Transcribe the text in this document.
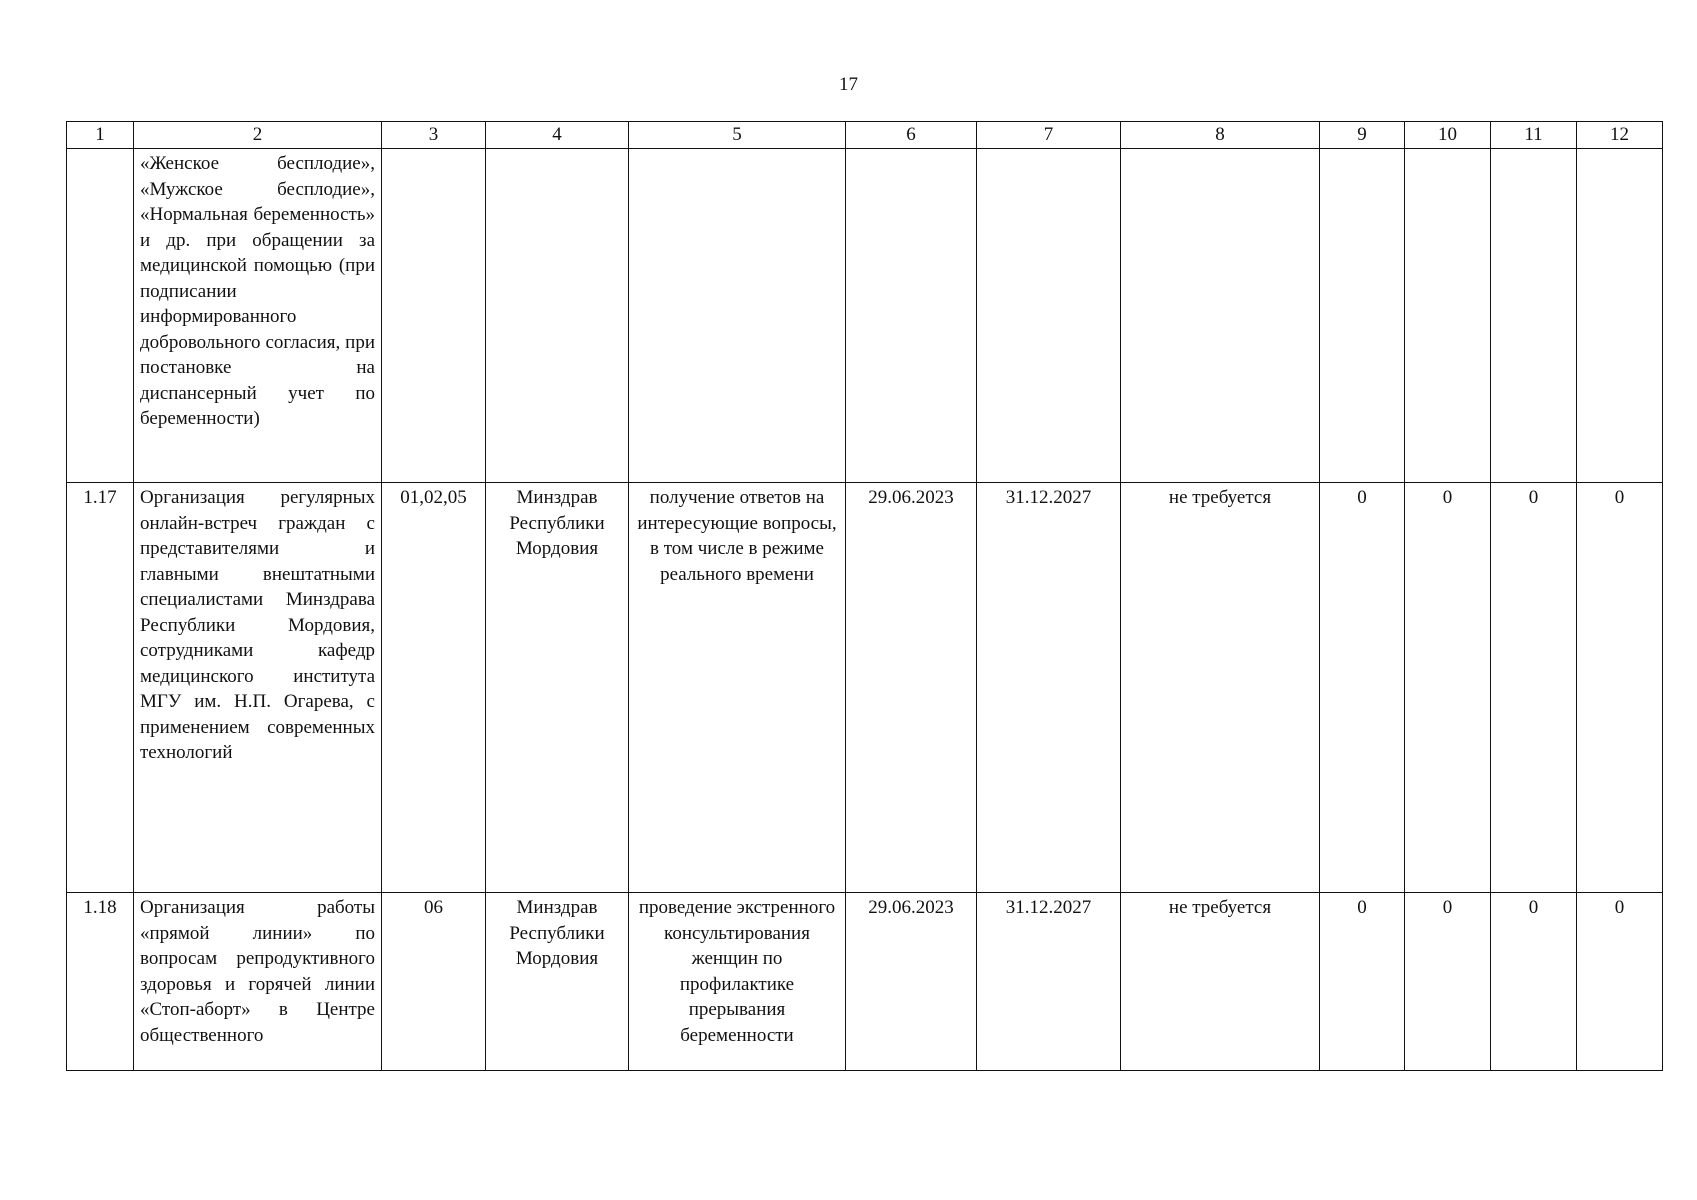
17
1	2	3	4	5	6	7	8	9	10	11	12
	«Женское бесплодие», «Мужское бесплодие», «Нормальная беременность» и др. при обращении за медицинской помощью (при подписании информированного добровольного согласия, при постановке на диспансерный учет по беременности)										
1.17	Организация регулярных онлайн-встреч граждан с представителями и главными внештатными специалистами Минздрава Республики Мордовия, сотрудниками кафедр медицинского института МГУ им. Н.П. Огарева, с применением современных технологий	01,02,05	Минздрав Республики Мордовия	получение ответов на интересующие вопросы, в том числе в режиме реального времени	29.06.2023	31.12.2027	не требуется	0	0	0	0
1.18	Организация работы «прямой линии» по вопросам репродуктивного здоровья и горячей линии «Стоп-аборт» в Центре общественного	06	Минздрав Республики Мордовия	проведение экстренного консультирования женщин по профилактике прерывания беременности	29.06.2023	31.12.2027	не требуется	0	0	0	0
